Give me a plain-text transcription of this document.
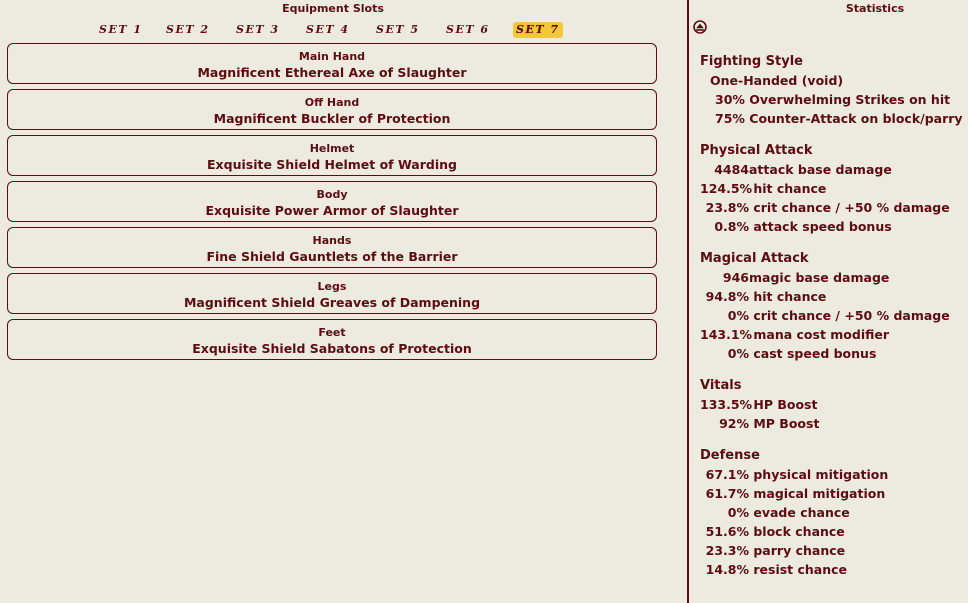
Equipment Slots
SET 1 SET 2 SET 3 SET 4 SET 5 SET 6 SET 7
Main Hand
Magnificent Ethereal Axe of Slaughter
Off Hand
Magnificent Buckler of Protection
Helmet
Exquisite Shield Helmet of Warding
Body
Exquisite Power Armor of Slaughter
Hands
Fine Shield Gauntlets of the Barrier
Legs
Magnificent Shield Greaves of Dampening
Feet
Exquisite Shield Sabatons of Protection
Statistics
Fighting Style
One-Handed (void)
30% Overwhelming Strikes on hit
75% Counter-Attack on block/parry
Physical Attack
4484attack base damage
124.5% hit chance
23.8% crit chance / +50 % damage
0.8% attack speed bonus
Magical Attack
946magic base damage
94.8% hit chance
0% crit chance / +50 % damage
143.1% mana cost modifier
0% cast speed bonus
Vitals
133.5% HP Boost
92% MP Boost
Defense
67.1% physical mitigation
61.7% magical mitigation
0% evade chance
51.6% block chance
23.3% parry chance
14.8% resist chance
